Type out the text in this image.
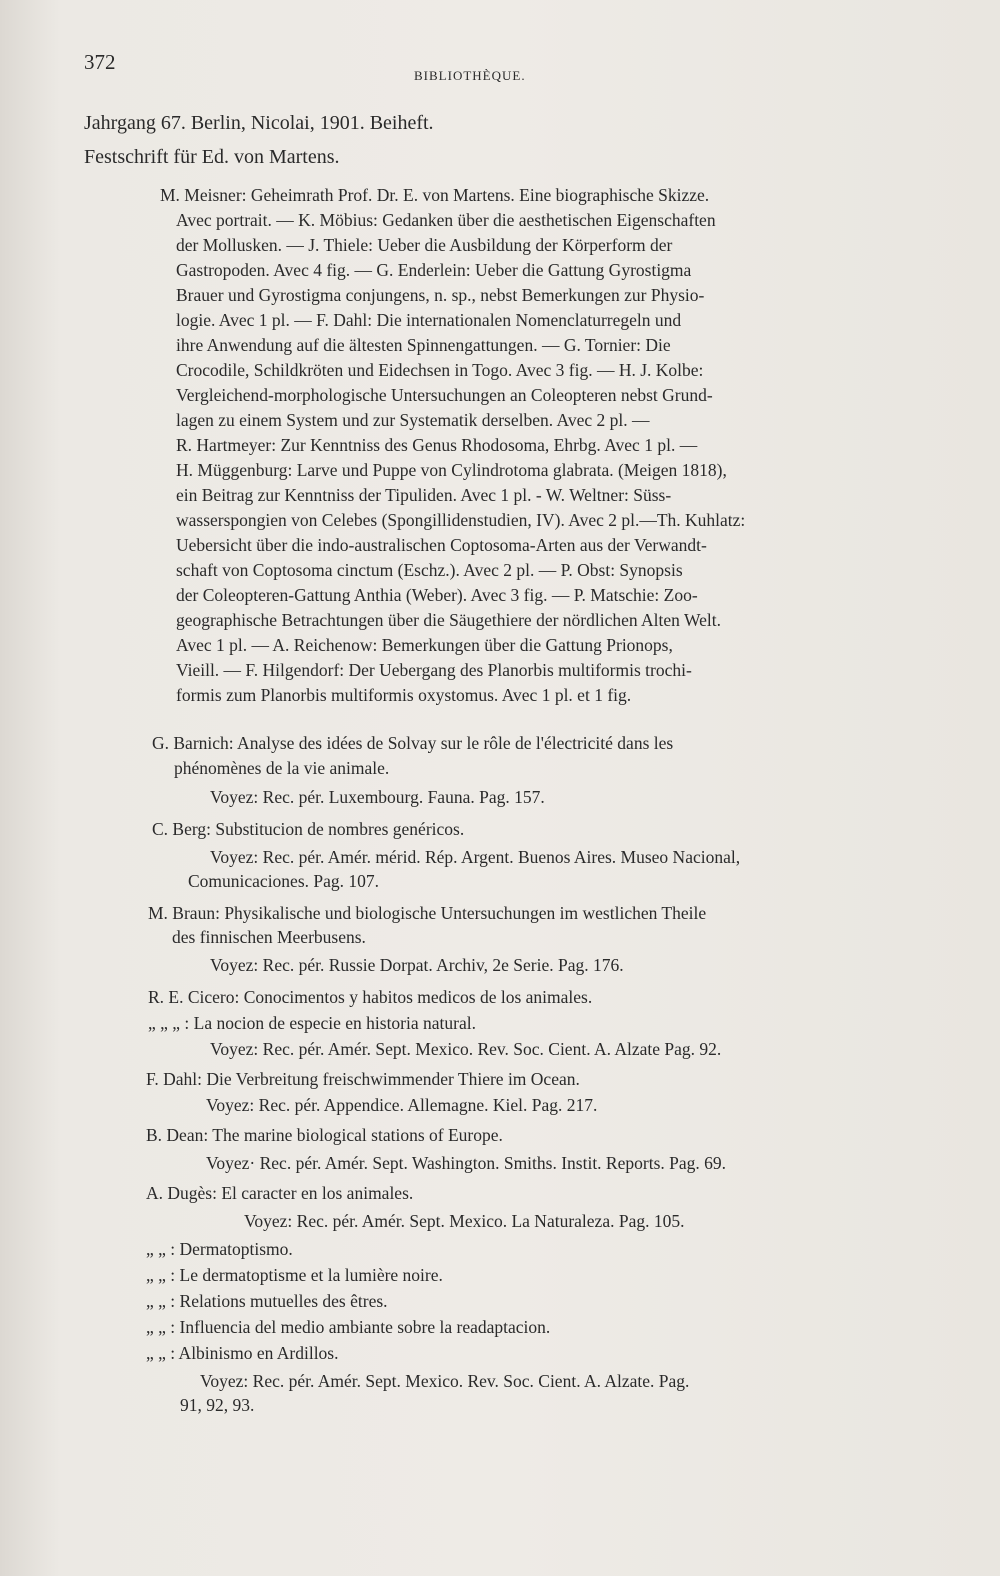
372
BIBLIOTHÈQUE.
Jahrgang 67. Berlin, Nicolai, 1901. Beiheft.
Festschrift für Ed. von Martens.
M. Meisner: Geheimrath Prof. Dr. E. von Martens. Eine biographische Skizze.
Avec portrait. — K. Möbius: Gedanken über die aesthetischen Eigenschaften
der Mollusken. — J. Thiele: Ueber die Ausbildung der Körperform der
Gastropoden. Avec 4 fig. — G. Enderlein: Ueber die Gattung Gyrostigma
Brauer und Gyrostigma conjungens, n. sp., nebst Bemerkungen zur Physio-
logie. Avec 1 pl. — F. Dahl: Die internationalen Nomenclaturregeln und
ihre Anwendung auf die ältesten Spinnengattungen. — G. Tornier: Die
Crocodile, Schildkröten und Eidechsen in Togo. Avec 3 fig. — H. J. Kolbe:
Vergleichend-morphologische Untersuchungen an Coleopteren nebst Grund-
lagen zu einem System und zur Systematik derselben. Avec 2 pl. —
R. Hartmeyer: Zur Kenntniss des Genus Rhodosoma, Ehrbg. Avec 1 pl. —
H. Müggenburg: Larve und Puppe von Cylindrotoma glabrata. (Meigen 1818),
ein Beitrag zur Kenntniss der Tipuliden. Avec 1 pl. - W. Weltner: Süss-
wasserspongien von Celebes (Spongillidenstudien, IV). Avec 2 pl.—Th. Kuhlatz:
Uebersicht über die indo-australischen Coptosoma-Arten aus der Verwandt-
schaft von Coptosoma cinctum (Eschz.). Avec 2 pl. — P. Obst: Synopsis
der Coleopteren-Gattung Anthia (Weber). Avec 3 fig. — P. Matschie: Zoo-
geographische Betrachtungen über die Säugethiere der nördlichen Alten Welt.
Avec 1 pl. — A. Reichenow: Bemerkungen über die Gattung Prionops,
Vieill. — F. Hilgendorf: Der Uebergang des Planorbis multiformis trochi-
formis zum Planorbis multiformis oxystomus. Avec 1 pl. et 1 fig.
G. Barnich: Analyse des idées de Solvay sur le rôle de l'électricité dans les
phénomènes de la vie animale.
Voyez: Rec. pér. Luxembourg. Fauna. Pag. 157.
C. Berg: Substitucion de nombres genéricos.
Voyez: Rec. pér. Amér. mérid. Rép. Argent. Buenos Aires. Museo Nacional,
Comunicaciones. Pag. 107.
M. Braun: Physikalische und biologische Untersuchungen im westlichen Theile
des finnischen Meerbusens.
Voyez: Rec. pér. Russie Dorpat. Archiv, 2e Serie. Pag. 176.
R. E. Cicero: Conocimentos y habitos medicos de los animales.
„ „ „ : La nocion de especie en historia natural.
Voyez: Rec. pér. Amér. Sept. Mexico. Rev. Soc. Cient. A. Alzate Pag. 92.
F. Dahl: Die Verbreitung freischwimmender Thiere im Ocean.
Voyez: Rec. pér. Appendice. Allemagne. Kiel. Pag. 217.
B. Dean: The marine biological stations of Europe.
Voyez· Rec. pér. Amér. Sept. Washington. Smiths. Instit. Reports. Pag. 69.
A. Dugès: El caracter en los animales.
Voyez: Rec. pér. Amér. Sept. Mexico. La Naturaleza. Pag. 105.
„ „ : Dermatoptismo.
„ „ : Le dermatoptisme et la lumière noire.
„ „ : Relations mutuelles des êtres.
„ „ : Influencia del medio ambiante sobre la readaptacion.
„ „ : Albinismo en Ardillos.
Voyez: Rec. pér. Amér. Sept. Mexico. Rev. Soc. Cient. A. Alzate. Pag.
91, 92, 93.
